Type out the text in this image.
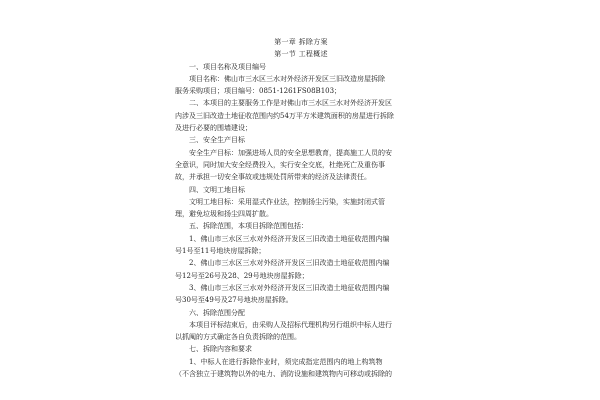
第一章 拆除方案

第一节 工程概述

一、项目名称及项目编号

项目名称：佛山市三水区三水对外经济开发区三旧改造房屋拆除

服务采购项目；项目编号：0851-1261FS08B103；

二、本项目的主要服务工作是对佛山市三水区三水对外经济开发区

内涉及三旧改造土地征收范围内约54万平方米建筑面积的房屋进行拆除

及进行必要的围墙建设；

三、安全生产目标

安全生产目标：加强进场人员的安全思想教育，提高施工人员的安

全意识，同时加大安全经费投入，实行安全交底，杜绝死亡及重伤事

故，并承担一切安全事故或违规处罚所带来的经济及法律责任。

四、文明工地目标

文明工地目标：采用湿式作业法，控制扬尘污染，实施封闭式管

理，避免垃圾和扬尘四周扩散。

五、拆除范围，本项目拆除范围包括：

1、佛山市三水区三水对外经济开发区三旧改造土地征收范围内编

号1号至11号地块房屋拆除；

2、佛山市三水区三水对外经济开发区三旧改造土地征收范围内编

号12号至26号及28、29号地块房屋拆除；

3、佛山市三水区三水对外经济开发区三旧改造土地征收范围内编

号30号至49号及27号地块房屋拆除。

六、拆除范围分配

本项目评标结束后，由采购人及招标代理机构另行组织中标人进行

以抓阄的方式确定各自负责拆除的范围。

七、拆除内容和要求

1、中标人在进行拆除作业时，须完成指定范围内的地上构筑物

（不含独立于建筑物以外的电力、消防设施和建筑物内可移动或拆除的
